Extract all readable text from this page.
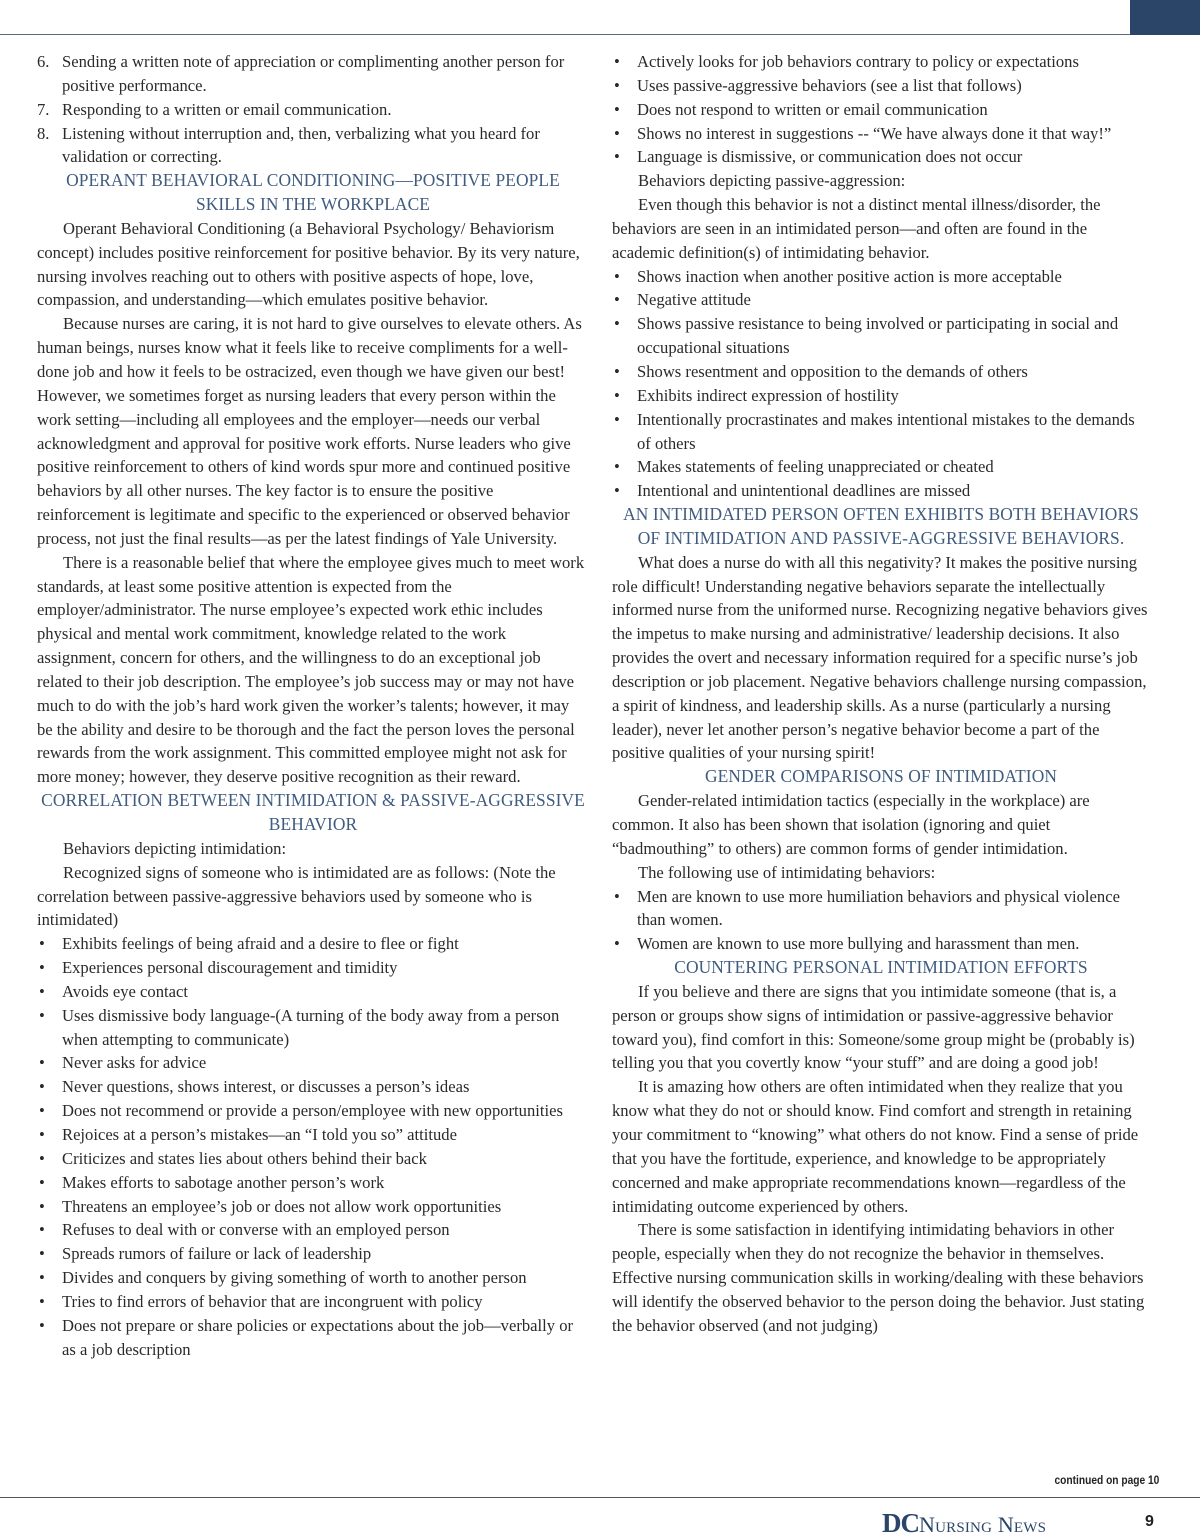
6. Sending a written note of appreciation or complimenting another person for positive performance.
7. Responding to a written or email communication.
8. Listening without interruption and, then, verbalizing what you heard for validation or correcting.

OPERANT BEHAVIORAL CONDITIONING—POSITIVE PEOPLE SKILLS IN THE WORKPLACE

Operant Behavioral Conditioning (a Behavioral Psychology/ Behaviorism concept) includes positive reinforcement for positive behavior. By its very nature, nursing involves reaching out to others with positive aspects of hope, love, compassion, and understanding—which emulates positive behavior.

Because nurses are caring, it is not hard to give ourselves to elevate others. As human beings, nurses know what it feels like to receive compliments for a well-done job and how it feels to be ostracized, even though we have given our best! However, we sometimes forget as nursing leaders that every person within the work setting—including all employees and the employer—needs our verbal acknowledgment and approval for positive work efforts. Nurse leaders who give positive reinforcement to others of kind words spur more and continued positive behaviors by all other nurses. The key factor is to ensure the positive reinforcement is legitimate and specific to the experienced or observed behavior process, not just the final results—as per the latest findings of Yale University.

There is a reasonable belief that where the employee gives much to meet work standards, at least some positive attention is expected from the employer/administrator. The nurse employee’s expected work ethic includes physical and mental work commitment, knowledge related to the work assignment, concern for others, and the willingness to do an exceptional job related to their job description. The employee’s job success may or may not have much to do with the job’s hard work given the worker’s talents; however, it may be the ability and desire to be thorough and the fact the person loves the personal rewards from the work assignment. This committed employee might not ask for more money; however, they deserve positive recognition as their reward.

CORRELATION BETWEEN INTIMIDATION & PASSIVE-AGGRESSIVE BEHAVIOR

Behaviors depicting intimidation:

Recognized signs of someone who is intimidated are as follows: (Note the correlation between passive-aggressive behaviors used by someone who is intimidated)

• Exhibits feelings of being afraid and a desire to flee or fight
• Experiences personal discouragement and timidity
• Avoids eye contact
• Uses dismissive body language-(A turning of the body away from a person when attempting to communicate)
• Never asks for advice
• Never questions, shows interest, or discusses a person’s ideas
• Does not recommend or provide a person/employee with new opportunities
• Rejoices at a person’s mistakes—an “I told you so” attitude
• Criticizes and states lies about others behind their back
• Makes efforts to sabotage another person’s work
• Threatens an employee’s job or does not allow work opportunities
• Refuses to deal with or converse with an employed person
• Spreads rumors of failure or lack of leadership
• Divides and conquers by giving something of worth to another person
• Tries to find errors of behavior that are incongruent with policy
• Does not prepare or share policies or expectations about the job—verbally or as a job description
• Actively looks for job behaviors contrary to policy or expectations
• Uses passive-aggressive behaviors (see a list that follows)
• Does not respond to written or email communication
• Shows no interest in suggestions -- “We have always done it that way!”
• Language is dismissive, or communication does not occur

Behaviors depicting passive-aggression:

Even though this behavior is not a distinct mental illness/disorder, the behaviors are seen in an intimidated person—and often are found in the academic definition(s) of intimidating behavior.

• Shows inaction when another positive action is more acceptable
• Negative attitude
• Shows passive resistance to being involved or participating in social and occupational situations
• Shows resentment and opposition to the demands of others
• Exhibits indirect expression of hostility
• Intentionally procrastinates and makes intentional mistakes to the demands of others
• Makes statements of feeling unappreciated or cheated
• Intentional and unintentional deadlines are missed

AN INTIMIDATED PERSON OFTEN EXHIBITS BOTH BEHAVIORS OF INTIMIDATION AND PASSIVE-AGGRESSIVE BEHAVIORS.

What does a nurse do with all this negativity? It makes the positive nursing role difficult! Understanding negative behaviors separate the intellectually informed nurse from the uniformed nurse. Recognizing negative behaviors gives the impetus to make nursing and administrative/ leadership decisions. It also provides the overt and necessary information required for a specific nurse’s job description or job placement. Negative behaviors challenge nursing compassion, a spirit of kindness, and leadership skills. As a nurse (particularly a nursing leader), never let another person’s negative behavior become a part of the positive qualities of your nursing spirit!

GENDER COMPARISONS OF INTIMIDATION

Gender-related intimidation tactics (especially in the workplace) are common. It also has been shown that isolation (ignoring and quiet “badmouthing” to others) are common forms of gender intimidation.

The following use of intimidating behaviors:

• Men are known to use more humiliation behaviors and physical violence than women.
• Women are known to use more bullying and harassment than men.

COUNTERING PERSONAL INTIMIDATION EFFORTS

If you believe and there are signs that you intimidate someone (that is, a person or groups show signs of intimidation or passive-aggressive behavior toward you), find comfort in this: Someone/some group might be (probably is) telling you that you covertly know “your stuff” and are doing a good job!

It is amazing how others are often intimidated when they realize that you know what they do not or should know. Find comfort and strength in retaining your commitment to “knowing” what others do not know. Find a sense of pride that you have the fortitude, experience, and knowledge to be appropriately concerned and make appropriate recommendations known—regardless of the intimidating outcome experienced by others.

There is some satisfaction in identifying intimidating behaviors in other people, especially when they do not recognize the behavior in themselves. Effective nursing communication skills in working/dealing with these behaviors will identify the observed behavior to the person doing the behavior. Just stating the behavior observed (and not judging)

continued on page 10
DCNursing News	9
